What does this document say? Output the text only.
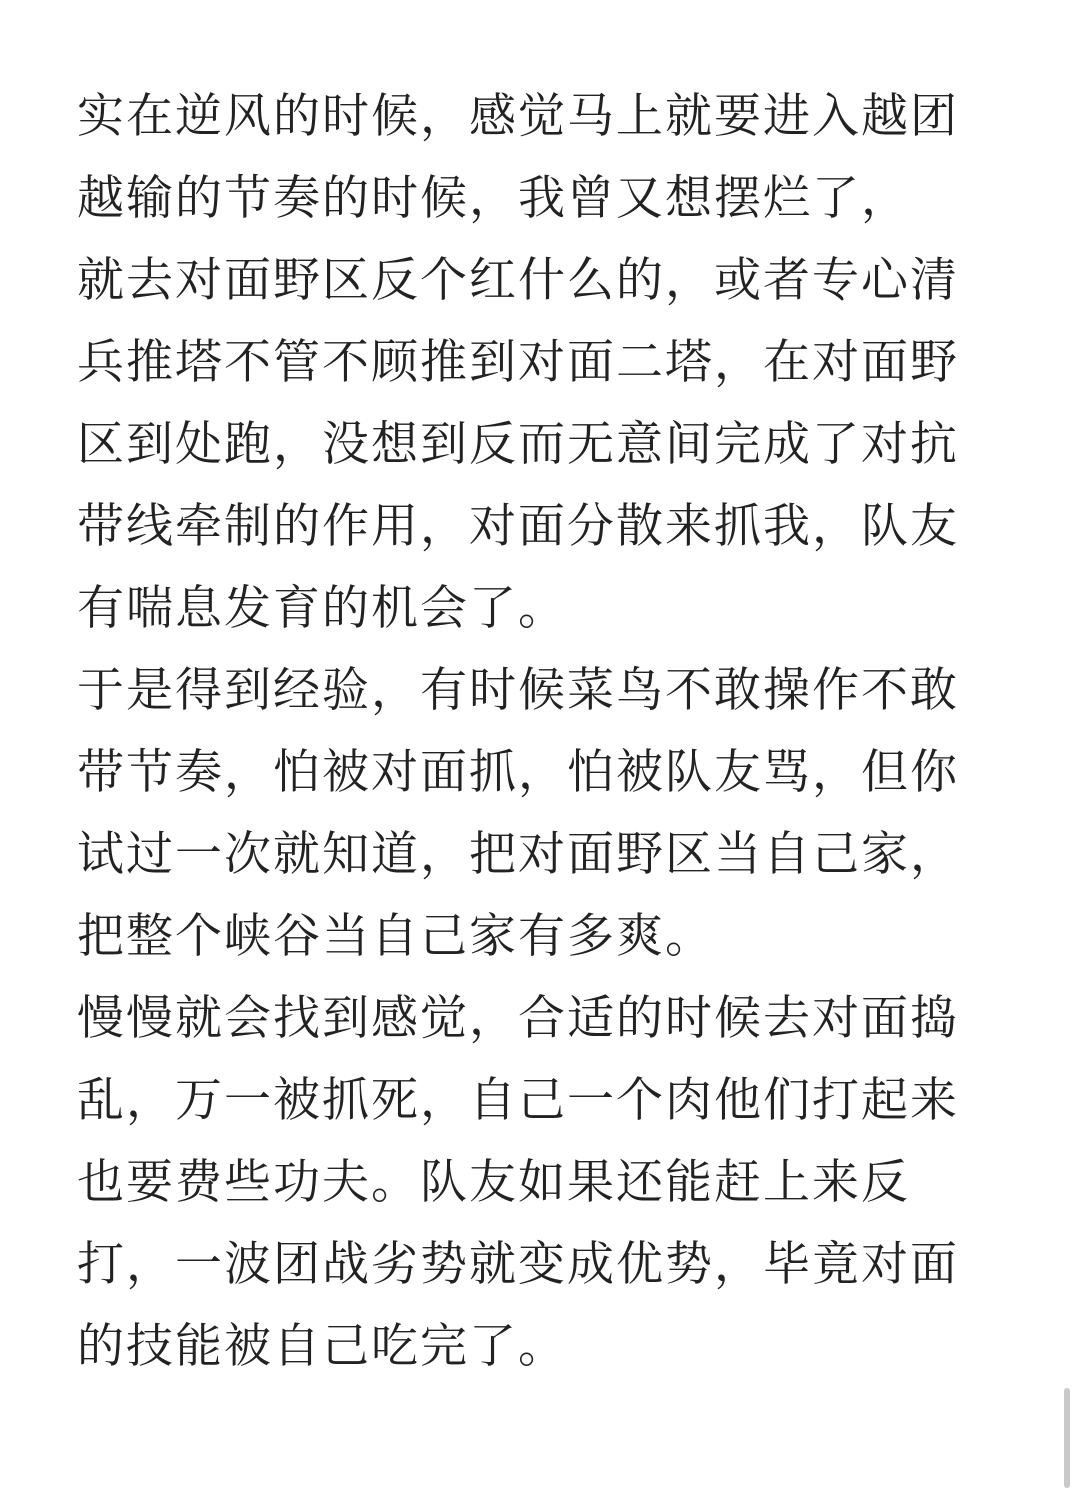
实在逆风的时候，感觉马上就要进入越团
越输的节奏的时候，我曾又想摆烂了，
就去对面野区反个红什么的，或者专心清
兵推塔不管不顾推到对面二塔，在对面野
区到处跑，没想到反而无意间完成了对抗
带线牵制的作用，对面分散来抓我，队友
有喘息发育的机会了。
于是得到经验，有时候菜鸟不敢操作不敢
带节奏，怕被对面抓，怕被队友骂，但你
试过一次就知道，把对面野区当自己家，
把整个峡谷当自己家有多爽。
慢慢就会找到感觉，合适的时候去对面捣
乱，万一被抓死，自己一个肉他们打起来
也要费些功夫。队友如果还能赶上来反
打，一波团战劣势就变成优势，毕竟对面
的技能被自己吃完了。
